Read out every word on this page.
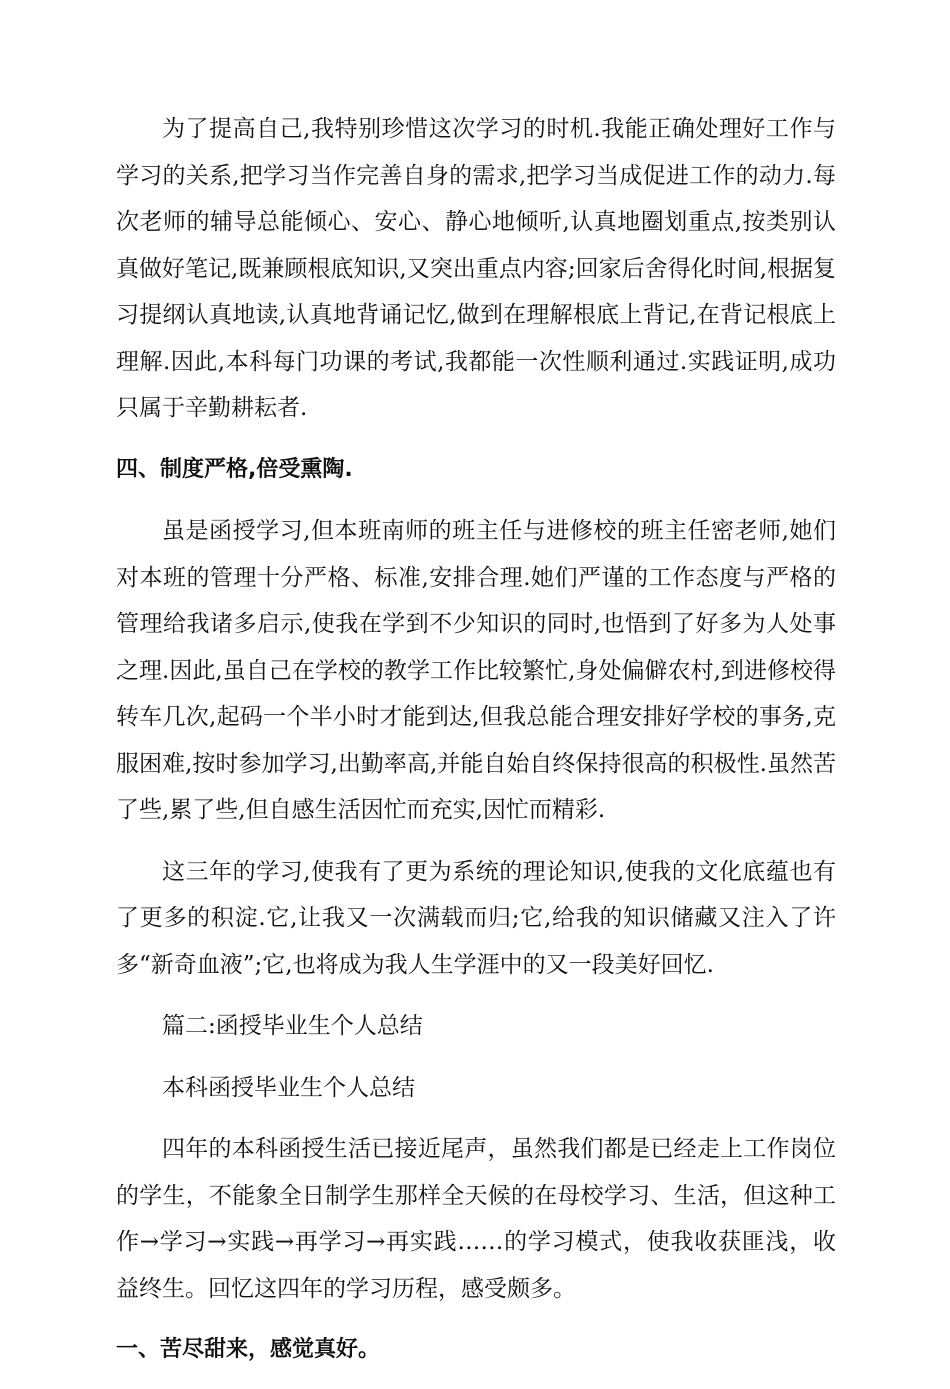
为了提高自己,我特别珍惜这次学习的时机.我能正确处理好工作与学习的关系,把学习当作完善自身的需求,把学习当成促进工作的动力.每次老师的辅导总能倾心、安心、静心地倾听,认真地圈划重点,按类别认真做好笔记,既兼顾根底知识,又突出重点内容;回家后舍得化时间,根据复习提纲认真地读,认真地背诵记忆,做到在理解根底上背记,在背记根底上理解.因此,本科每门功课的考试,我都能一次性顺利通过.实践证明,成功只属于辛勤耕耘者.

四、制度严格,倍受熏陶.

虽是函授学习,但本班南师的班主任与进修校的班主任密老师,她们对本班的管理十分严格、标准,安排合理.她们严谨的工作态度与严格的管理给我诸多启示,使我在学到不少知识的同时,也悟到了好多为人处事之理.因此,虽自己在学校的教学工作比较繁忙,身处偏僻农村,到进修校得转车几次,起码一个半小时才能到达,但我总能合理安排好学校的事务,克服困难,按时参加学习,出勤率高,并能自始自终保持很高的积极性.虽然苦了些,累了些,但自感生活因忙而充实,因忙而精彩.

这三年的学习,使我有了更为系统的理论知识,使我的文化底蕴也有了更多的积淀.它,让我又一次满载而归;它,给我的知识储藏又注入了许多“新奇血液”;它,也将成为我人生学涯中的又一段美好回忆.

篇二:函授毕业生个人总结

本科函授毕业生个人总结

四年的本科函授生活已接近尾声，虽然我们都是已经走上工作岗位的学生，不能象全日制学生那样全天候的在母校学习、生活，但这种工作→学习→实践→再学习→再实践……的学习模式，使我收获匪浅，收益终生。回忆这四年的学习历程，感受颇多。

一、苦尽甜来，感觉真好。
